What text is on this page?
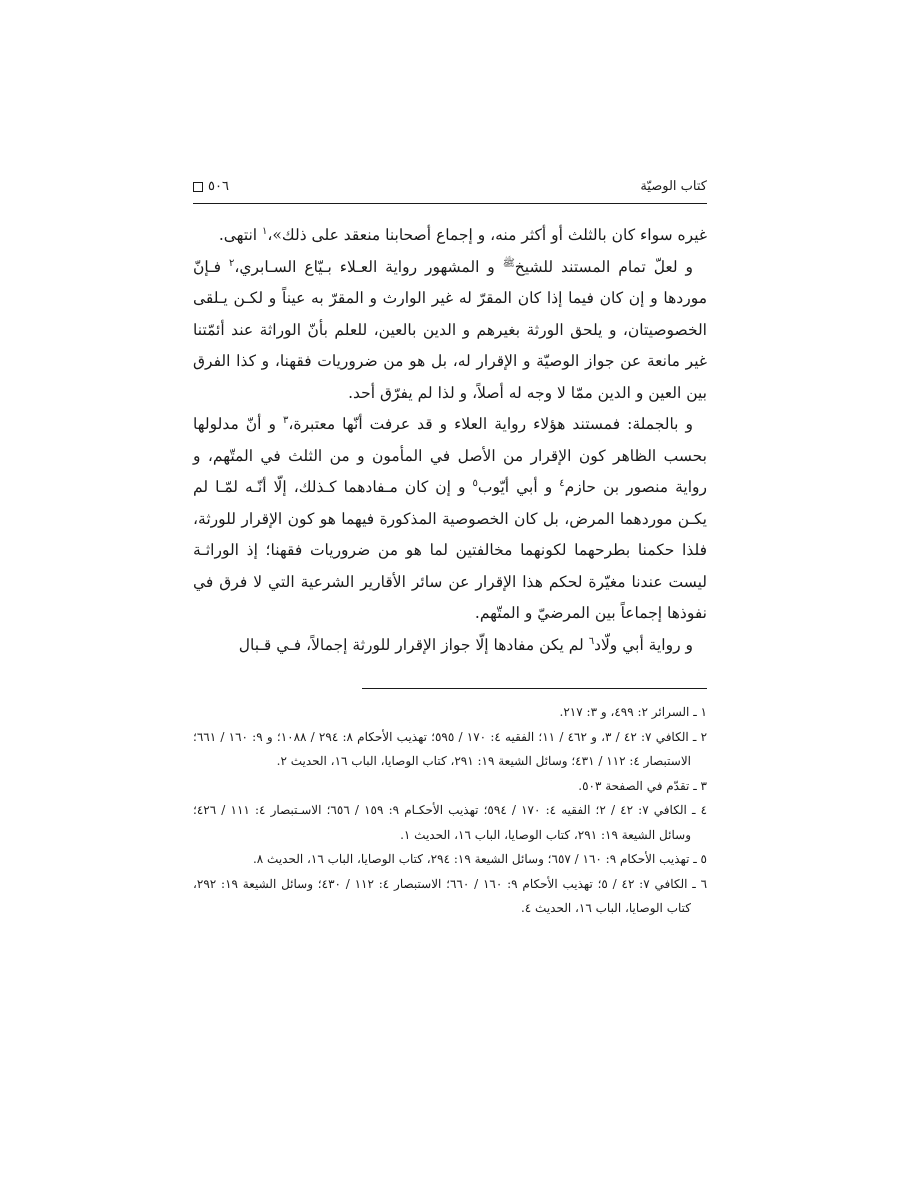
كتاب الوصيّة
٥٠٦

غيره سواء كان بالثلث أو أكثر منه، و إجماع أصحابنا منعقد على ذلك»،$^١$ انتهى.

و لعلّ تمام المستند للشيخ$^ﷺ$ و المشهور رواية العـلاء بـيّاع السـابري،$^٢$ فـإنّ موردها و إن كان فيما إذا كان المقرّ له غير الوارث و المقرّ به عيناً و لكـن يـلقى الخصوصيتان، و يلحق الورثة بغيرهم و الدين بالعين، للعلم بأنّ الوراثة عند أئمّتنا غير مانعة عن جواز الوصيّة و الإقرار له، بل هو من ضروريات فقهنا، و كذا الفرق بين العين و الدين ممّا لا وجه له أصلاً، و لذا لم يفرّق أحد.

و بالجملة: فمستند هؤلاء رواية العلاء و قد عرفت أنّها معتبرة،$^٣$ و أنّ مدلولها بحسب الظاهر كون الإقرار من الأصل في المأمون و من الثلث في المتّهم، و رواية منصور بن حازم$^٤$ و أبي أيّوب$^٥$ و إن كان مـفادهما كـذلك، إلّا أنّـه لمّـا لم يكـن موردهما المرض، بل كان الخصوصية المذكورة فيهما هو كون الإقرار للورثة، فلذا حكمنا بطرحهما لكونهما مخالفتين لما هو من ضروريات فقهنا؛ إذ الوراثـة ليست عندنا مغيّرة لحكم هذا الإقرار عن سائر الأقارير الشرعية التي لا فرق في نفوذها إجماعاً بين المرضيّ و المتّهم.

و رواية أبي ولّاد$^٦$ لم يكن مفادها إلّا جواز الإقرار للورثة إجمالاً، فـي قـبال

١ ـ السرائر ٢: ٤٩٩، و ٣: ٢١٧.

٢ ـ الكافي ٧: ٤٢ / ٣، و ٤٦٢ / ١١؛ الفقيه ٤: ١٧٠ / ٥٩٥؛ تهذيب الأحكام ٨: ٢٩٤ / ١٠٨٨؛ و ٩: ١٦٠ / ٦٦١؛ الاستبصار ٤: ١١٢ / ٤٣١؛ وسائل الشيعة ١٩: ٢٩١، كتاب الوصايا، الباب ١٦، الحديث ٢.

٣ ـ تقدّم في الصفحة ٥٠٣.

٤ ـ الكافي ٧: ٤٢ / ٢؛ الفقيه ٤: ١٧٠ / ٥٩٤؛ تهذيب الأحكـام ٩: ١٥٩ / ٦٥٦؛ الاسـتبصار ٤: ١١١ / ٤٢٦؛ وسائل الشيعة ١٩: ٢٩١، كتاب الوصايا، الباب ١٦، الحديث ١.

٥ ـ تهذيب الأحكام ٩: ١٦٠ / ٦٥٧؛ وسائل الشيعة ١٩: ٢٩٤، كتاب الوصايا، الباب ١٦، الحديث ٨.

٦ ـ الكافي ٧: ٤٢ / ٥؛ تهذيب الأحكام ٩: ١٦٠ / ٦٦٠؛ الاستبصار ٤: ١١٢ / ٤٣٠؛ وسائل الشيعة ١٩: ٢٩٢، كتاب الوصايا، الباب ١٦، الحديث ٤.
